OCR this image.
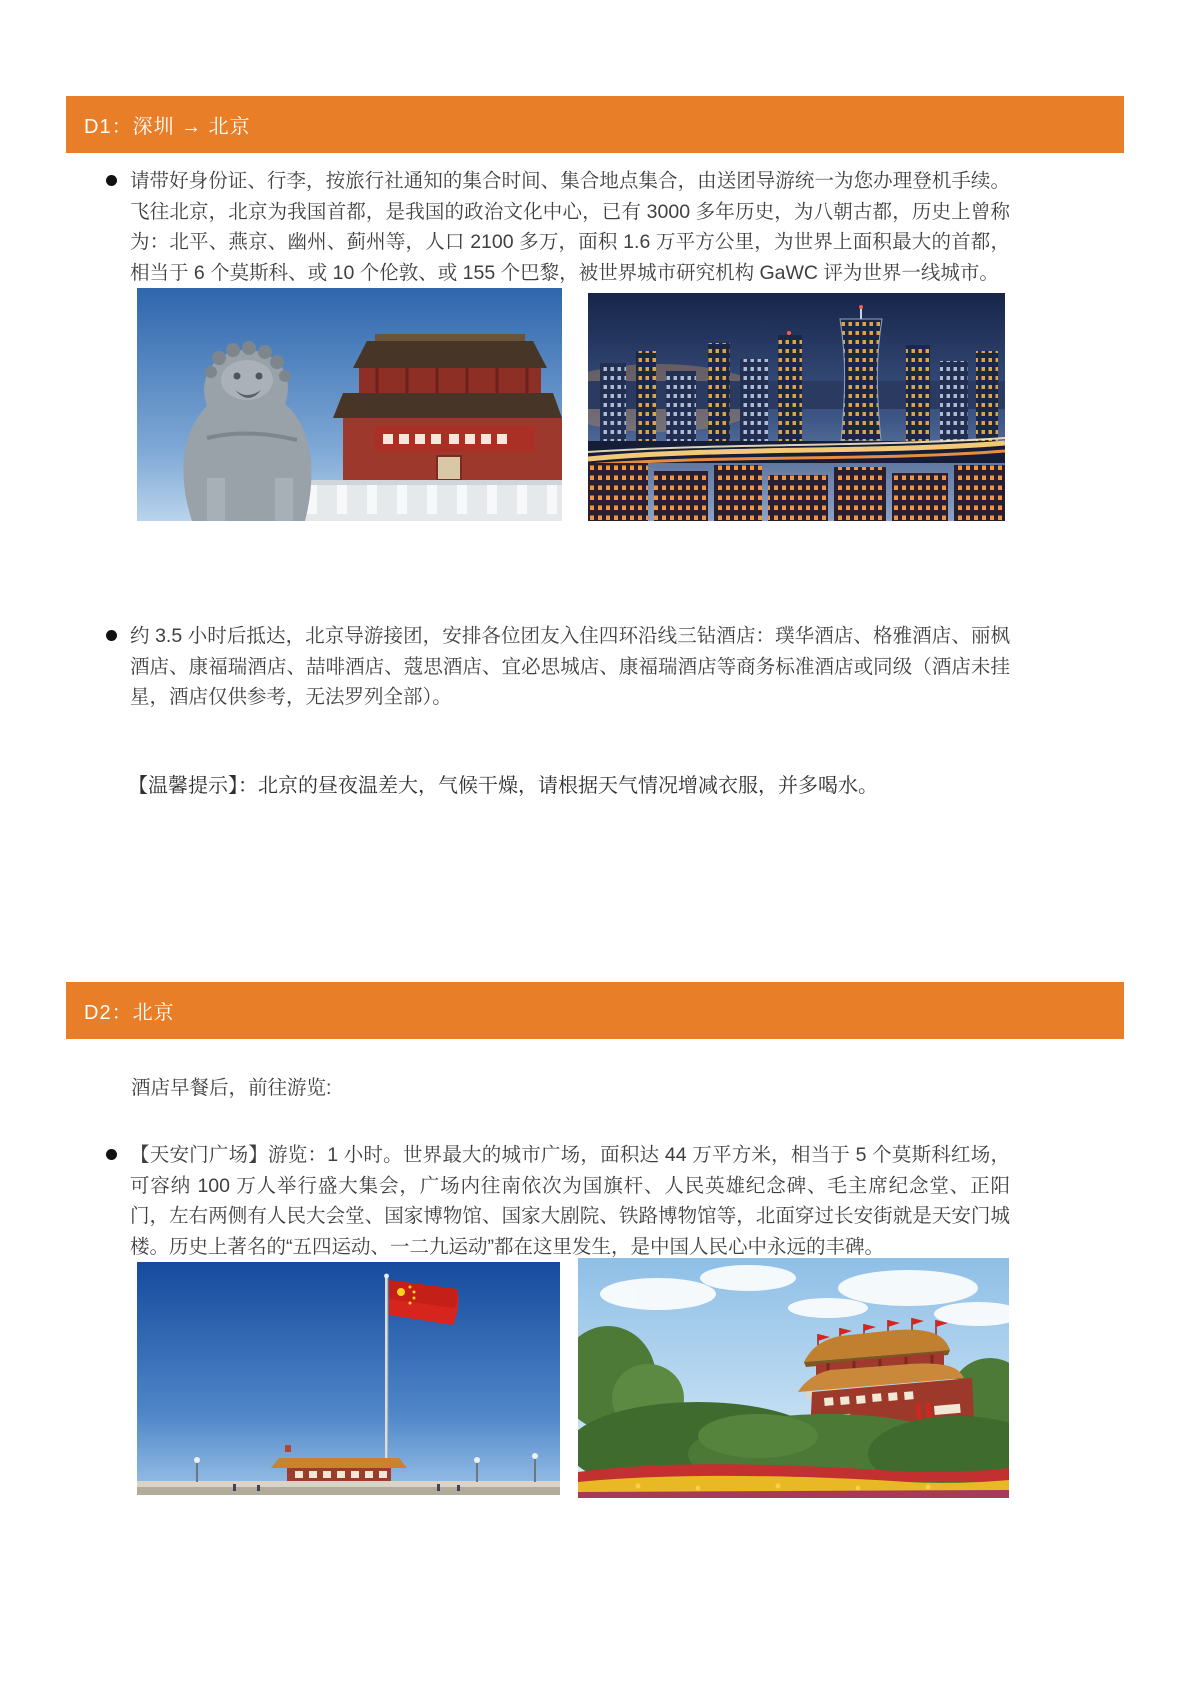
D1：深圳 → 北京
请带好身份证、行李，按旅行社通知的集合时间、集合地点集合，由送团导游统一为您办理登机手续。飞往北京，北京为我国首都，是我国的政治文化中心，已有 3000 多年历史，为八朝古都，历史上曾称为：北平、燕京、幽州、蓟州等，人口 2100 多万，面积 1.6 万平方公里，为世界上面积最大的首都，相当于 6 个莫斯科、或 10 个伦敦、或 155 个巴黎，被世界城市研究机构 GaWC 评为世界一线城市。
约 3.5 小时后抵达，北京导游接团，安排各位团友入住四环沿线三钻酒店：璞华酒店、格雅酒店、丽枫酒店、康福瑞酒店、喆啡酒店、蔻思酒店、宜必思城店、康福瑞酒店等商务标准酒店或同级（酒店未挂星，酒店仅供参考，无法罗列全部）。
【温馨提示】：北京的昼夜温差大，气候干燥，请根据天气情况增减衣服，并多喝水。
D2：北京
酒店早餐后，前往游览:
【天安门广场】游览：1 小时。世界最大的城市广场，面积达 44 万平方米，相当于 5 个莫斯科红场，可容纳 100 万人举行盛大集会，广场内往南依次为国旗杆、人民英雄纪念碑、毛主席纪念堂、正阳门，左右两侧有人民大会堂、国家博物馆、国家大剧院、铁路博物馆等，北面穿过长安街就是天安门城楼。历史上著名的“五四运动、一二九运动”都在这里发生，是中国人民心中永远的丰碑。
